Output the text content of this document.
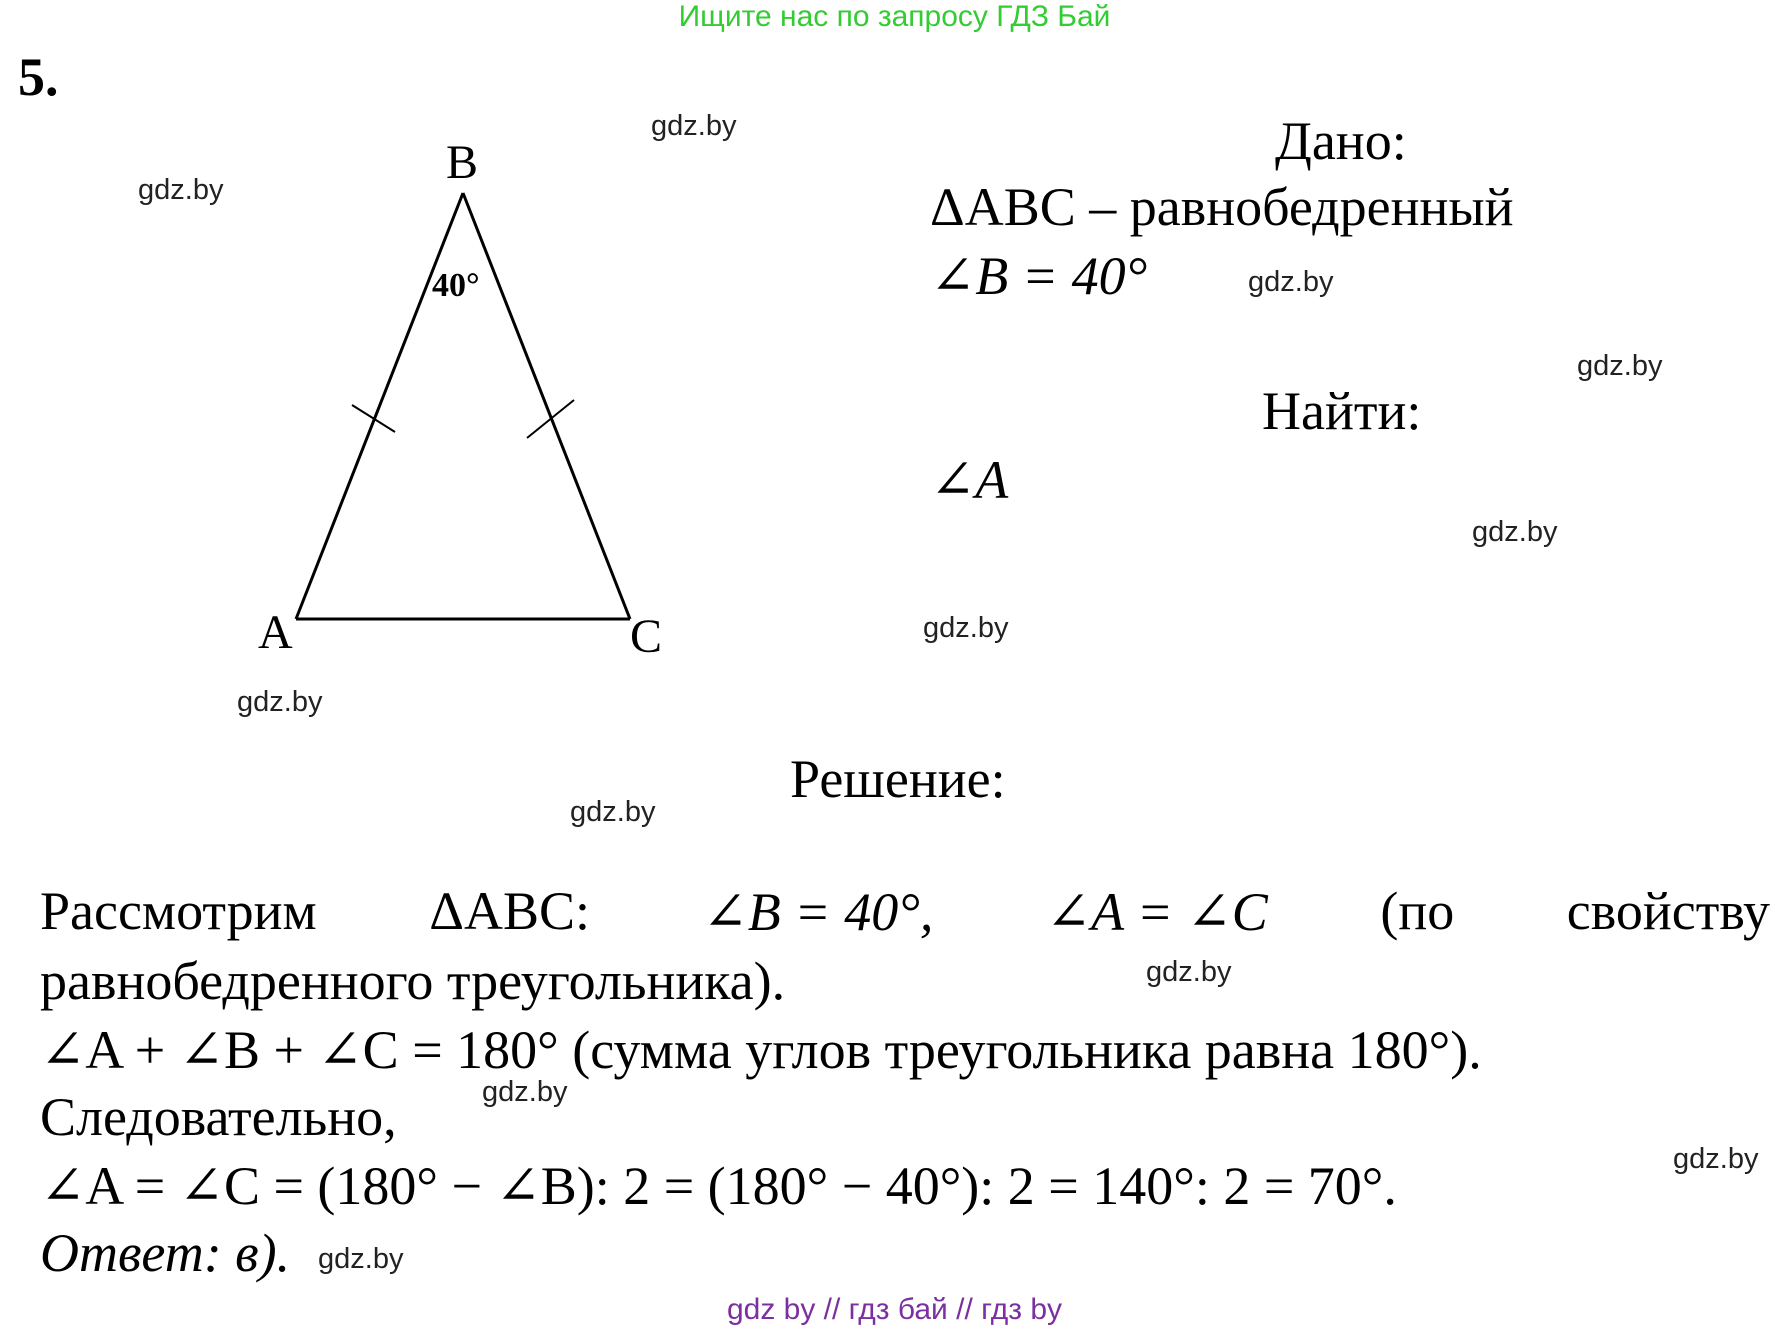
Ищите нас по запросу ГДЗ Бай
5.
B
A	C
40°
Дано:
ΔABC – равнобедренный
∠B = 40°
Найти:
∠A
Решение:
Рассмотрим ΔABC: ∠B = 40°, ∠A = ∠C (по свойству
равнобедренного треугольника).
∠A + ∠B + ∠C = 180° (сумма углов треугольника равна 180°).
Следовательно,
∠A = ∠C = (180° − ∠B): 2 = (180° − 40°): 2 = 140°: 2 = 70°.
Ответ: в).
gdz.by
gdz.by
gdz.by
gdz.by
gdz.by
gdz.by
gdz.by
gdz.by
gdz.by
gdz.by
gdz.by
gdz.by
gdz by // гдз бай // гдз by
